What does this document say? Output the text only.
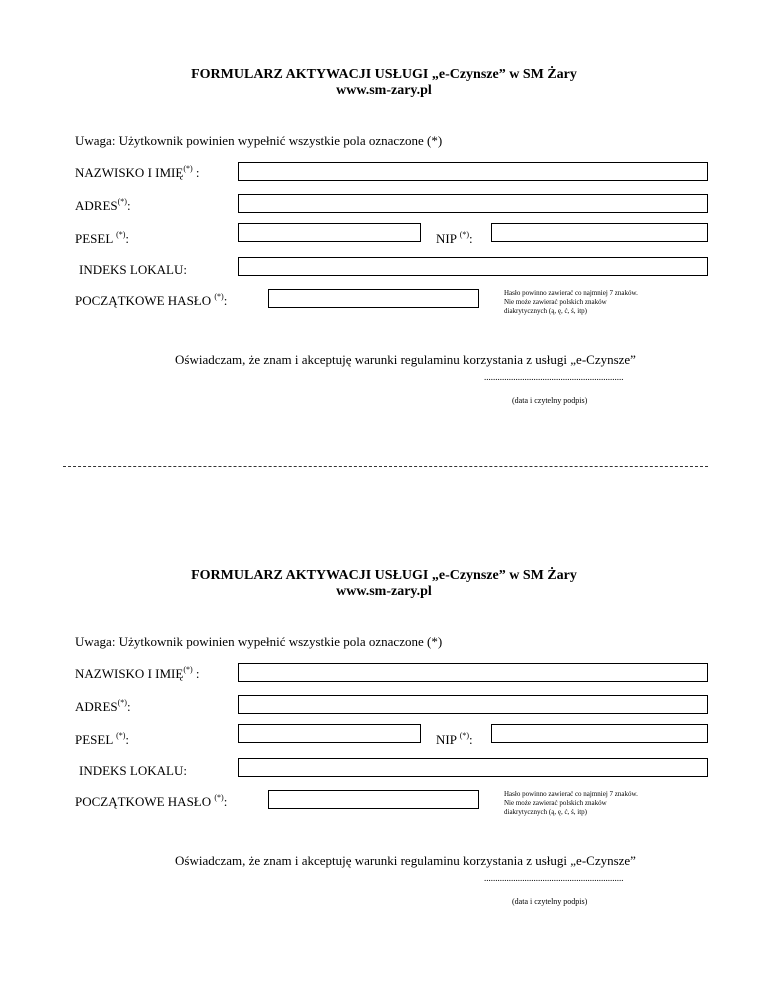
FORMULARZ AKTYWACJI USŁUGI „e-Czynsze” w SM Żary
www.sm-zary.pl
Uwaga: Użytkownik powinien wypełnić wszystkie pola oznaczone (*)
NAZWISKO I IMIĘ(*) :
ADRES(*):
PESEL (*):	NIP (*):
INDEKS LOKALU:
POCZĄTKOWE HASŁO (*):	Hasło powinno zawierać co najmniej 7 znaków.
Nie może zawierać polskich znaków
diakrytycznych (ą, ę, ć, ś, itp)
Oświadczam, że znam i akceptuję warunki regulaminu korzystania z usługi „e-Czynsze”
..............................................................
(data i czytelny podpis)
FORMULARZ AKTYWACJI USŁUGI „e-Czynsze” w SM Żary
www.sm-zary.pl
Uwaga: Użytkownik powinien wypełnić wszystkie pola oznaczone (*)
NAZWISKO I IMIĘ(*) :
ADRES(*):
PESEL (*):	NIP (*):
INDEKS LOKALU:
POCZĄTKOWE HASŁO (*):	Hasło powinno zawierać co najmniej 7 znaków.
Nie może zawierać polskich znaków
diakrytycznych (ą, ę, ć, ś, itp)
Oświadczam, że znam i akceptuję warunki regulaminu korzystania z usługi „e-Czynsze”
..............................................................
(data i czytelny podpis)
